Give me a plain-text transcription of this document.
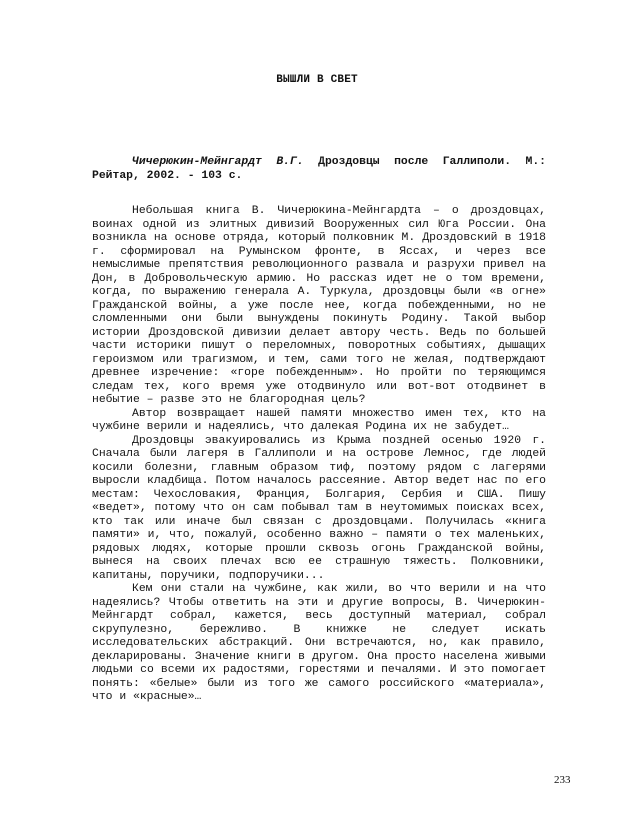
ВЫШЛИ В СВЕТ

Чичерюкин-Мейнгардт В.Г. Дроздовцы после Галлиполи. М.: Рейтар, 2002. - 103 с.

Небольшая книга В. Чичерюкина-Мейнгардта – о дроздовцах, воинах одной из элитных дивизий Вооруженных сил Юга России. Она возникла на основе отряда, который полковник М. Дроздовский в 1918 г. сформировал на Румынском фронте, в Яссах, и через все немыслимые препятствия революционного развала и разрухи привел на Дон, в Добровольческую армию. Но рассказ идет не о том времени, когда, по выражению генерала А. Туркула, дроздовцы были «в огне» Гражданской войны, а уже после нее, когда побежденными, но не сломленными они были вынуждены покинуть Родину. Такой выбор истории Дроздовской дивизии делает автору честь. Ведь по большей части историки пишут о переломных, поворотных событиях, дышащих героизмом или трагизмом, и тем, сами того не желая, подтверждают древнее изречение: «горе побежденным». Но пройти по теряющимся следам тех, кого время уже отодвинуло или вот-вот отодвинет в небытие – разве это не благородная цель?

Автор возвращает нашей памяти множество имен тех, кто на чужбине верили и надеялись, что далекая Родина их не забудет…

Дроздовцы эвакуировались из Крыма поздней осенью 1920 г. Сначала были лагеря в Галлиполи и на острове Лемнос, где людей косили болезни, главным образом тиф, поэтому рядом с лагерями выросли кладбища. Потом началось рассеяние. Автор ведет нас по его местам: Чехословакия, Франция, Болгария, Сербия и США. Пишу «ведет», потому что он сам побывал там в неутомимых поисках всех, кто так или иначе был связан с дроздовцами. Получилась «книга памяти» и, что, пожалуй, особенно важно – памяти о тех маленьких, рядовых людях, которые прошли сквозь огонь Гражданской войны, вынеся на своих плечах всю ее страшную тяжесть. Полковники, капитаны, поручики, подпоручики...

Кем они стали на чужбине, как жили, во что верили и на что надеялись? Чтобы ответить на эти и другие вопросы, В. Чичерюкин-Мейнгардт собрал, кажется, весь доступный материал, собрал скрупулезно, бережливо. В книжке не следует искать исследовательских абстракций. Они встречаются, но, как правило, декларированы. Значение книги в другом. Она просто населена живыми людьми со всеми их радостями, горестями и печалями. И это помогает понять: «белые» были из того же самого российского «материала», что и «красные»…

233
